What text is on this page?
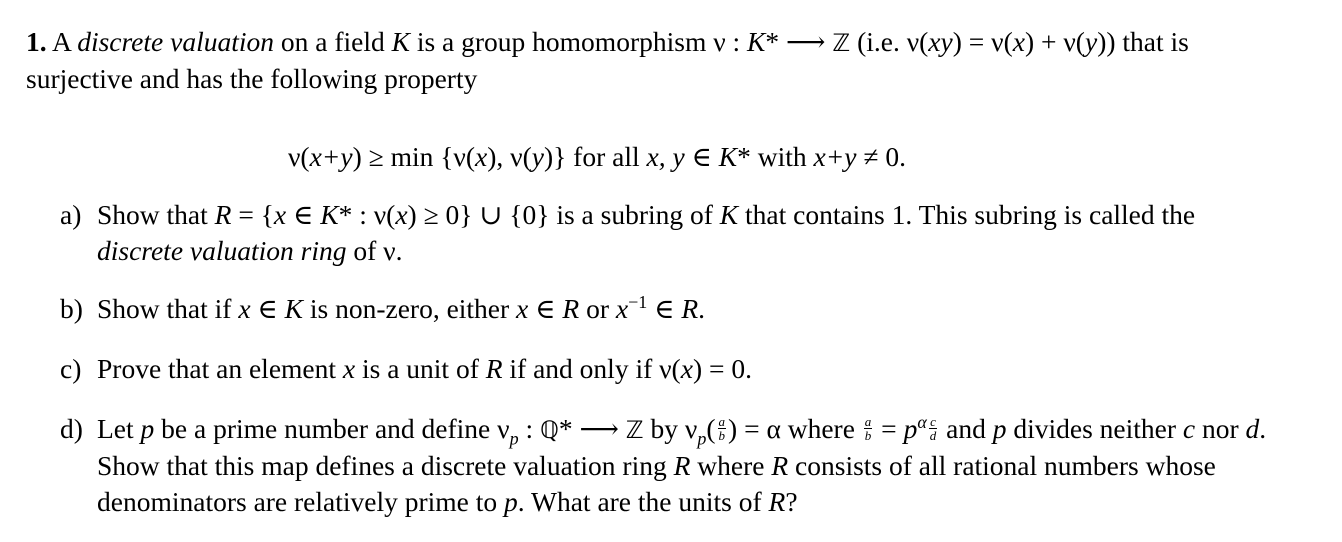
1. A discrete valuation on a field K is a group homomorphism ν : K* ⟶ ℤ (i.e. ν(xy) = ν(x) + ν(y)) that is surjective and has the following property

ν(x+y) ≥ min {ν(x), ν(y)} for all x, y ∈ K* with x+y ≠ 0.
a) Show that R = {x ∈ K* : ν(x) ≥ 0} ∪ {0} is a subring of K that contains 1. This subring is called the discrete valuation ring of ν.
b) Show that if x ∈ K is non-zero, either x ∈ R or $x^{-1}$ ∈ R.
c) Prove that an element x is a unit of R if and only if ν(x) = 0.
d) Let p be a prime number and define $\nu_p$ : ℚ* ⟶ ℤ by $\nu_p( \frac{a}{b}$ ) = α where $\frac{a}{b} = p^\alpha \frac{c}{d}$ and p divides neither c nor d. Show that this map defines a discrete valuation ring R where R consists of all rational numbers whose denominators are relatively prime to p. What are the units of R?
